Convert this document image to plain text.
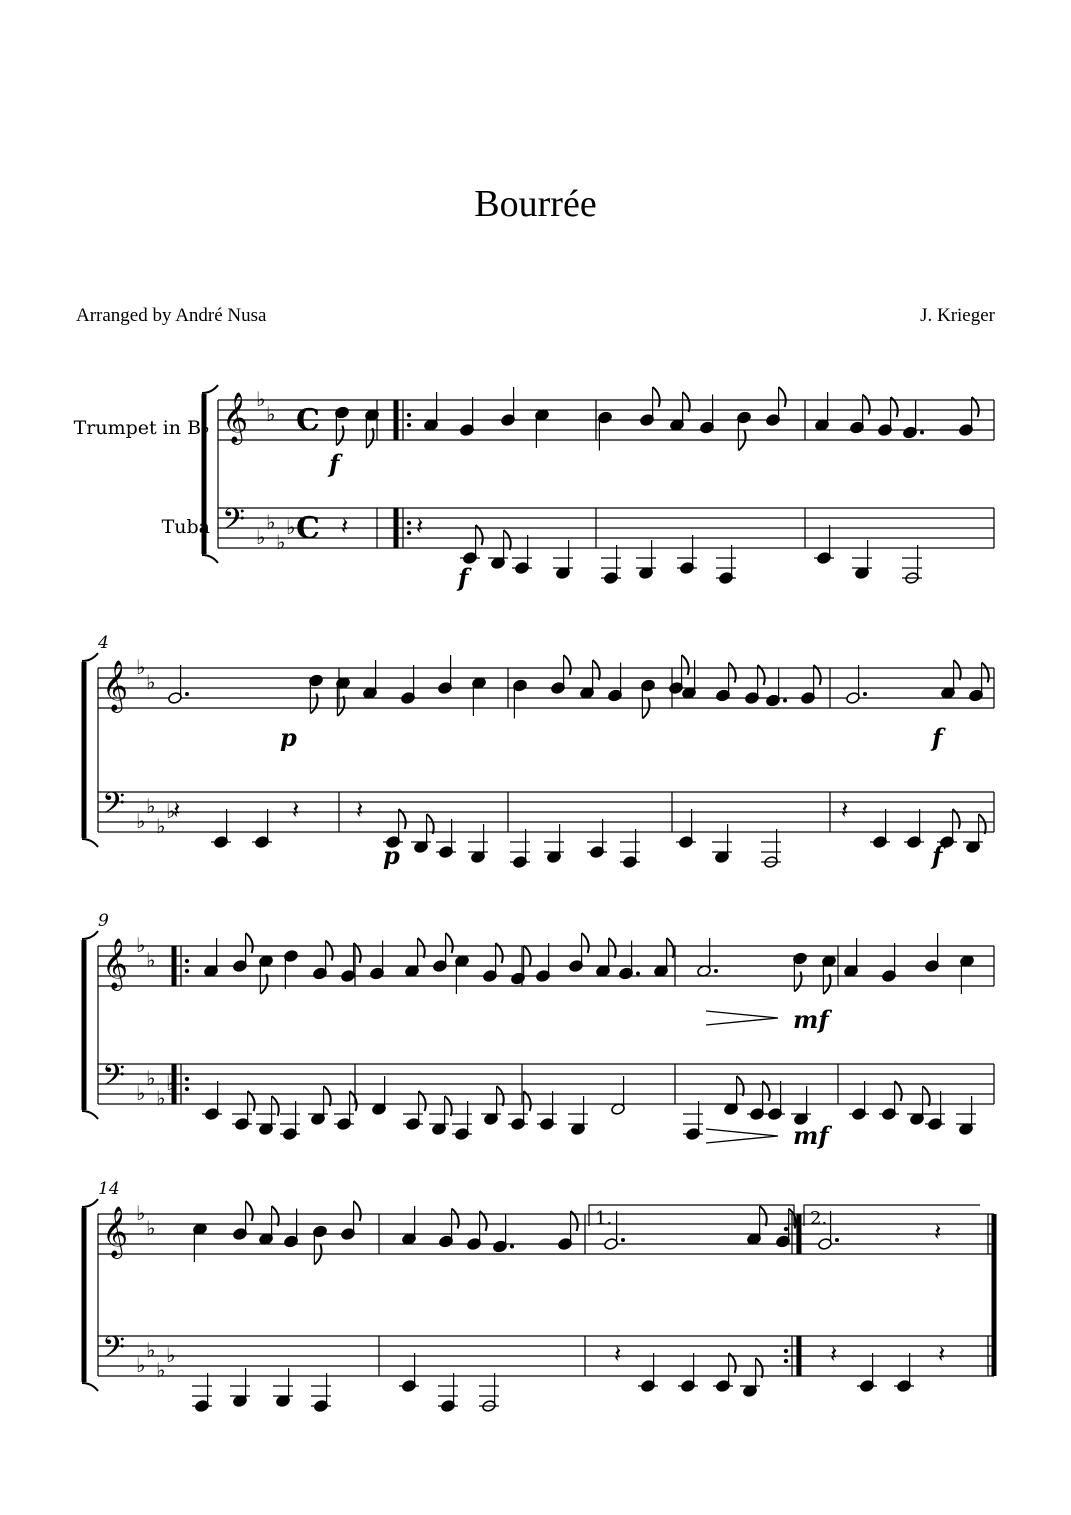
Bourrée
Arranged by André Nusa	J. Krieger
𝄞
𝄢
♭
♭
♭
♭
♭
♭
C
C 𝄽	𝄽
𝄞
𝄢
♭
♭
♭
♭
♭
♭
4
𝄽	𝄽 𝄽	𝄽
𝄞
𝄢
♭
♭
♭
♭
♭
♭
9
𝄞
𝄢
♭
♭
♭
♭
♭
♭
14
𝄽
𝄽	𝄽	𝄽
f
f
p
p
f
f
mf
mf
Trumpet in B♭
Tuba
1.	2.
